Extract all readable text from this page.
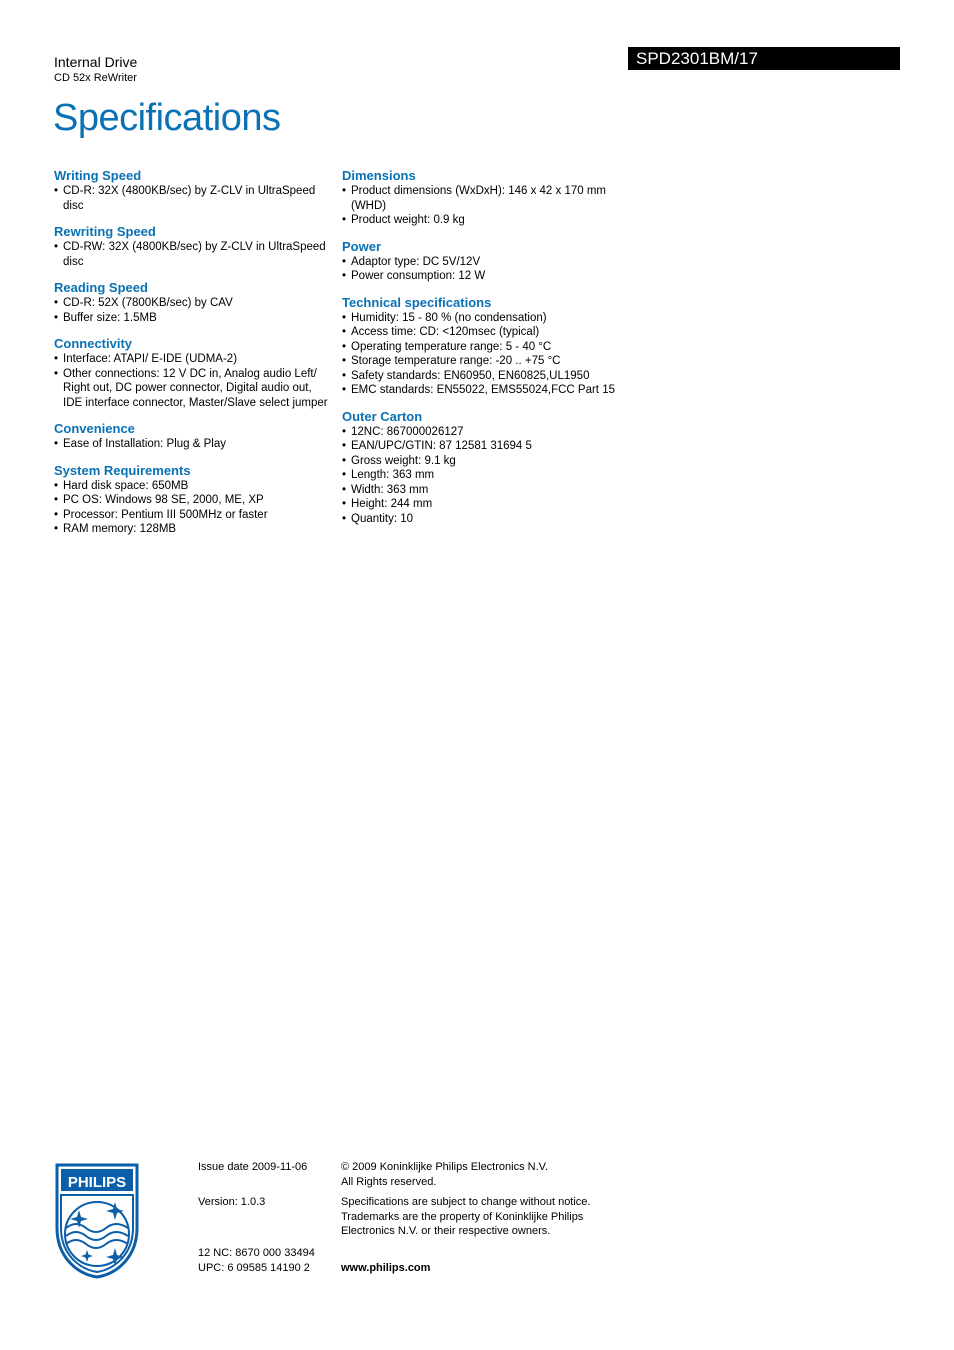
Internal Drive
CD 52x ReWriter
Specifications
SPD2301BM/17
Writing Speed
• CD-R: 32X (4800KB/sec) by Z-CLV in UltraSpeed disc
Rewriting Speed
• CD-RW: 32X (4800KB/sec) by Z-CLV in UltraSpeed disc
Reading Speed
• CD-R: 52X (7800KB/sec) by CAV
• Buffer size: 1.5MB
Connectivity
• Interface: ATAPI/ E-IDE (UDMA-2)
• Other connections: 12 V DC in, Analog audio Left/ Right out, DC power connector, Digital audio out, IDE interface connector, Master/Slave select jumper
Convenience
• Ease of Installation: Plug & Play
System Requirements
• Hard disk space: 650MB
• PC OS: Windows 98 SE, 2000, ME, XP
• Processor: Pentium III 500MHz or faster
• RAM memory: 128MB
Dimensions
• Product dimensions (WxDxH): 146 x 42 x 170 mm (WHD)
• Product weight: 0.9 kg
Power
• Adaptor type: DC 5V/12V
• Power consumption: 12 W
Technical specifications
• Humidity: 15 - 80 % (no condensation)
• Access time: CD: <120msec (typical)
• Operating temperature range: 5 - 40 °C
• Storage temperature range: -20 .. +75 °C
• Safety standards: EN60950, EN60825,UL1950
• EMC standards: EN55022, EMS55024,FCC Part 15
Outer Carton
• 12NC: 867000026127
• EAN/UPC/GTIN: 87 12581 31694 5
• Gross weight: 9.1 kg
• Length: 363 mm
• Width: 363 mm
• Height: 244 mm
• Quantity: 10
PHILIPS
Issue date 2009-11-06
Version: 1.0.3
12 NC: 8670 000 33494
UPC: 6 09585 14190 2
© 2009 Koninklijke Philips Electronics N.V.
All Rights reserved.
Specifications are subject to change without notice.
Trademarks are the property of Koninklijke Philips
Electronics N.V. or their respective owners.
www.philips.com
